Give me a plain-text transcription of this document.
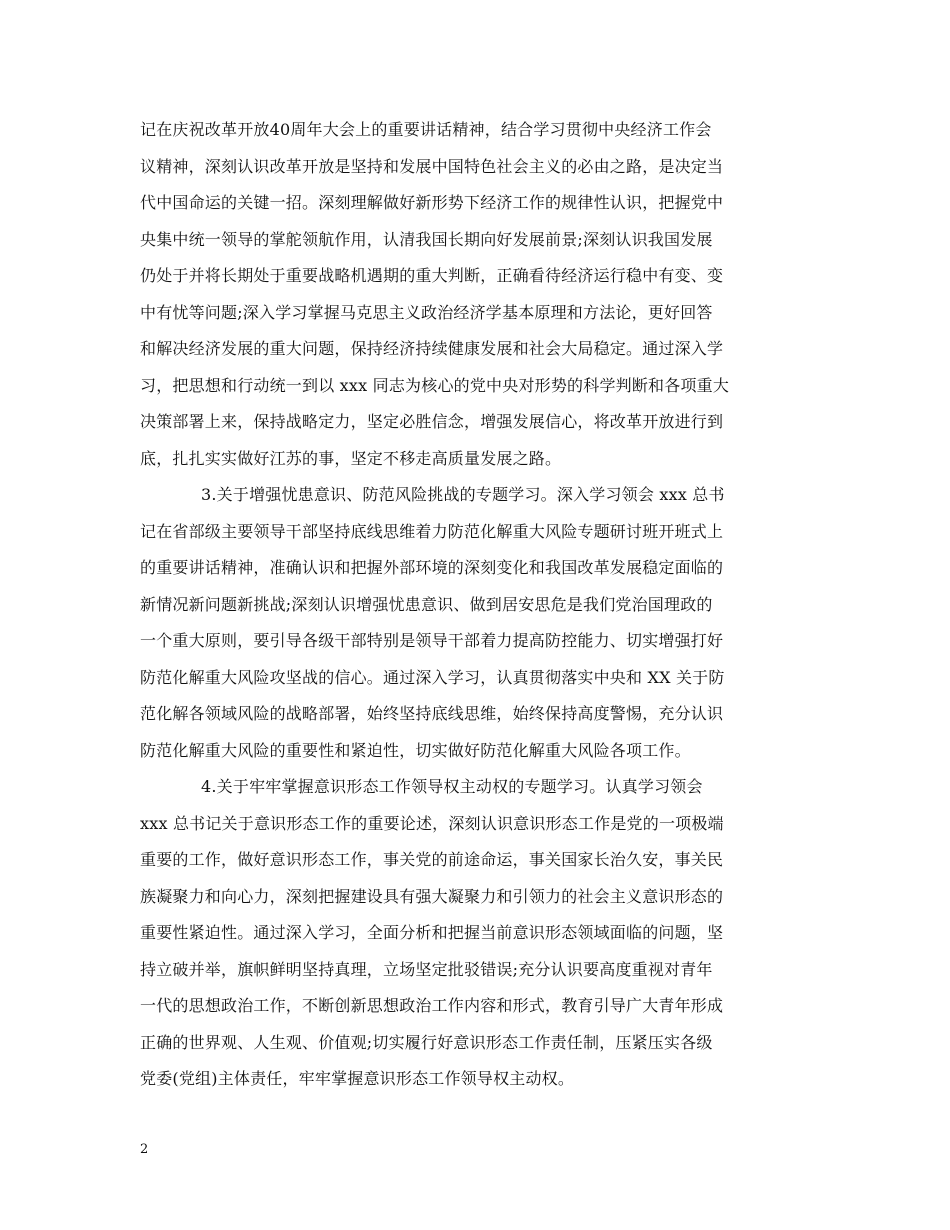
记在庆祝改革开放40周年大会上的重要讲话精神，结合学习贯彻中央经济工作会
议精神，深刻认识改革开放是坚持和发展中国特色社会主义的必由之路，是决定当
代中国命运的关键一招。深刻理解做好新形势下经济工作的规律性认识，把握党中
央集中统一领导的掌舵领航作用，认清我国长期向好发展前景;深刻认识我国发展
仍处于并将长期处于重要战略机遇期的重大判断，正确看待经济运行稳中有变、变
中有忧等问题;深入学习掌握马克思主义政治经济学基本原理和方法论，更好回答
和解决经济发展的重大问题，保持经济持续健康发展和社会大局稳定。通过深入学
习，把思想和行动统一到以 xxx 同志为核心的党中央对形势的科学判断和各项重大
决策部署上来，保持战略定力，坚定必胜信念，增强发展信心，将改革开放进行到
底，扎扎实实做好江苏的事，坚定不移走高质量发展之路。
3.关于增强忧患意识、防范风险挑战的专题学习。深入学习领会 xxx 总书
记在省部级主要领导干部坚持底线思维着力防范化解重大风险专题研讨班开班式上
的重要讲话精神，准确认识和把握外部环境的深刻变化和我国改革发展稳定面临的
新情况新问题新挑战;深刻认识增强忧患意识、做到居安思危是我们党治国理政的
一个重大原则，要引导各级干部特别是领导干部着力提高防控能力、切实增强打好
防范化解重大风险攻坚战的信心。通过深入学习，认真贯彻落实中央和 XX 关于防
范化解各领域风险的战略部署，始终坚持底线思维，始终保持高度警惕，充分认识
防范化解重大风险的重要性和紧迫性，切实做好防范化解重大风险各项工作。
4.关于牢牢掌握意识形态工作领导权主动权的专题学习。认真学习领会
xxx 总书记关于意识形态工作的重要论述，深刻认识意识形态工作是党的一项极端
重要的工作，做好意识形态工作，事关党的前途命运，事关国家长治久安，事关民
族凝聚力和向心力，深刻把握建设具有强大凝聚力和引领力的社会主义意识形态的
重要性紧迫性。通过深入学习，全面分析和把握当前意识形态领域面临的问题，坚
持立破并举，旗帜鲜明坚持真理，立场坚定批驳错误;充分认识要高度重视对青年
一代的思想政治工作，不断创新思想政治工作内容和形式，教育引导广大青年形成
正确的世界观、人生观、价值观;切实履行好意识形态工作责任制，压紧压实各级
党委(党组)主体责任，牢牢掌握意识形态工作领导权主动权。
2
